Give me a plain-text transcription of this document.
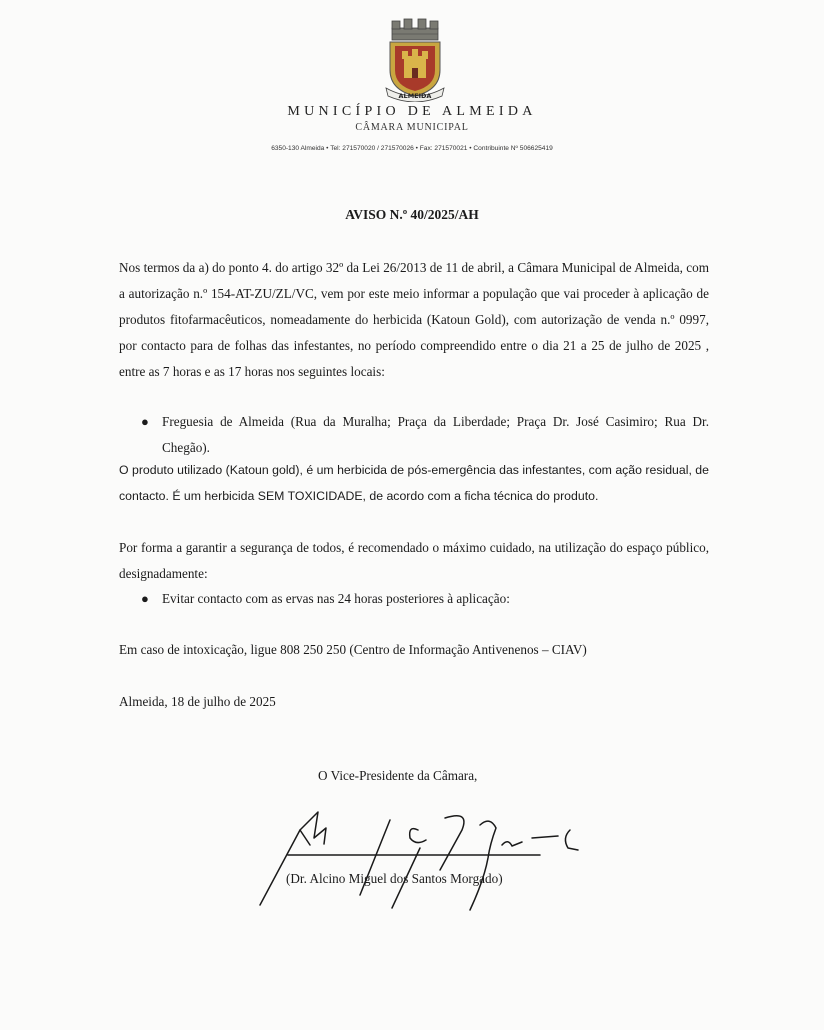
ALMEIDA
MUNICÍPIO DE ALMEIDA
CÂMARA MUNICIPAL
6350-130 Almeida • Tel: 271570020 / 271570026 • Fax: 271570021 • Contribuinte Nº 506625419
AVISO N.º 40/2025/AH
Nos termos da a) do ponto 4. do artigo 32º da Lei 26/2013 de 11 de abril, a Câmara Municipal de Almeida, com a autorização n.º 154-AT-ZU/ZL/VC, vem por este meio informar a população que vai proceder à aplicação de produtos fitofarmacêuticos, nomeadamente do herbicida (Katoun Gold), com autorização de venda n.º 0997, por contacto para de folhas das infestantes, no período compreendido entre o dia 21 a 25 de julho de 2025 , entre as 7 horas e as 17 horas nos seguintes locais:
● Freguesia de Almeida (Rua da Muralha; Praça da Liberdade; Praça Dr. José Casimiro; Rua Dr. Chegão).
O produto utilizado (Katoun gold), é um herbicida de pós-emergência das infestantes, com ação residual, de contacto. É um herbicida SEM TOXICIDADE, de acordo com a ficha técnica do produto.
Por forma a garantir a segurança de todos, é recomendado o máximo cuidado, na utilização do espaço público, designadamente:
● Evitar contacto com as ervas nas 24 horas posteriores à aplicação:
Em caso de intoxicação, ligue 808 250 250 (Centro de Informação Antivenenos – CIAV)
Almeida, 18 de julho de 2025
O Vice-Presidente da Câmara,
(Dr. Alcino Miguel dos Santos Morgado)
